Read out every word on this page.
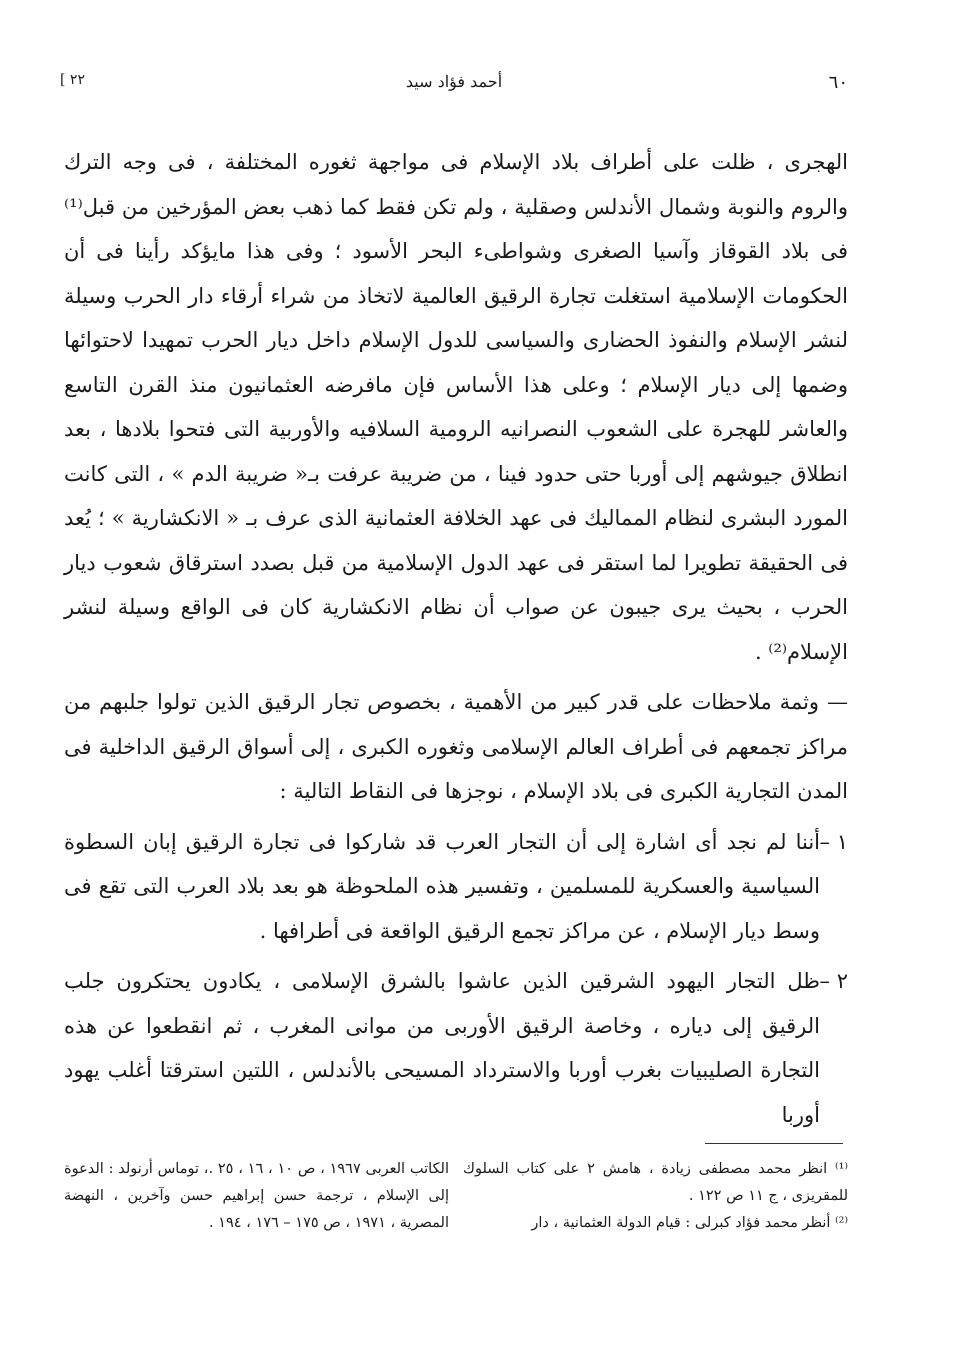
٦٠
أحمد فؤاد سيد
[ ٢٢

الهجرى ، ظلت على أطراف بلاد الإسلام فى مواجهة ثغوره المختلفة ، فى وجه الترك والروم والنوبة وشمال الأندلس وصقلية ، ولم تكن فقط كما ذهب بعض المؤرخين من قبل⁽¹⁾ فى بلاد القوقاز وآسيا الصغرى وشواطىء البحر الأسود ؛ وفى هذا مايؤكد رأينا فى أن الحكومات الإسلامية استغلت تجارة الرقيق العالمية لاتخاذ من شراء أرقاء دار الحرب وسيلة لنشر الإسلام والنفوذ الحضارى والسياسى للدول الإسلام داخل ديار الحرب تمهيدا لاحتوائها وضمها إلى ديار الإسلام ؛ وعلى هذا الأساس فإن مافرضه العثمانيون منذ القرن التاسع والعاشر للهجرة على الشعوب النصرانيه الرومية السلافيه والأوربية التى فتحوا بلادها ، بعد انطلاق جيوشهم إلى أوربا حتى حدود فينا ، من ضريبة عرفت بـ« ضريبة الدم » ، التى كانت المورد البشرى لنظام المماليك فى عهد الخلافة العثمانية الذى عرف بـ « الانكشارية » ؛ يُعد فى الحقيقة تطويرا لما استقر فى عهد الدول الإسلامية من قبل بصدد استرقاق شعوب ديار الحرب ، بحيث يرى جيبون عن صواب أن نظام الانكشارية كان فى الواقع وسيلة لنشر الإسلام⁽²⁾ .

— وثمة ملاحظات على قدر كبير من الأهمية ، بخصوص تجار الرقيق الذين تولوا جلبهم من مراكز تجمعهم فى أطراف العالم الإسلامى وثغوره الكبرى ، إلى أسواق الرقيق الداخلية فى المدن التجارية الكبرى فى بلاد الإسلام ، نوجزها فى النقاط التالية :

١ –
أننا لم نجد أى اشارة إلى أن التجار العرب قد شاركوا فى تجارة الرقيق إبان السطوة السياسية والعسكرية للمسلمين ، وتفسير هذه الملحوظة هو بعد بلاد العرب التى تقع فى وسط ديار الإسلام ، عن مراكز تجمع الرقيق الواقعة فى أطرافها .
٢ –
ظل التجار اليهود الشرقين الذين عاشوا بالشرق الإسلامى ، يكادون يحتكرون جلب الرقيق إلى دياره ، وخاصة الرقيق الأوربى من موانى المغرب ، ثم انقطعوا عن هذه التجارة الصليبيات بغرب أوربا والاسترداد المسيحى بالأندلس ، اللتين استرقتا أغلب يهود أوربا

⁽¹⁾ انظر محمد مصطفى زيادة ، هامش ٢ على كتاب السلوك للمقريزى ، ج ١١ ص ١٢٢ .

⁽²⁾ أنظر محمد فؤاد كبرلى : قيام الدولة العثمانية ، دار

الكاتب العربى ١٩٦٧ ، ص ١٠ ، ١٦ ، ٢٥ .، توماس أرنولد : الدعوة إلى الإسلام ، ترجمة حسن إبراهيم حسن وآخرين ، النهضة المصرية ، ١٩٧١ ، ص ١٧٥ – ١٧٦ ، ١٩٤ .
